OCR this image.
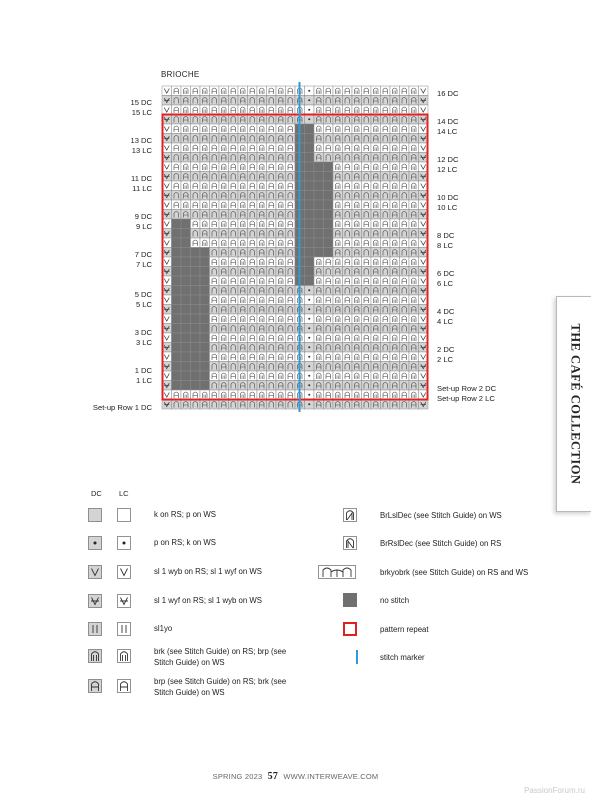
BRIOCHE
15 DC
15 LC
13 DC
13 LC
11 DC
11 LC
9 DC
9 LC
7 DC
7 LC
5 DC
5 LC
3 DC
3 LC
1 DC
1 LC
Set-up Row 1 DC
16 DC
14 DC
14 LC
12 DC
12 LC
10 DC
10 LC
8 DC
8 LC
6 DC
6 LC
4 DC
4 LC
2 DC
2 LC
Set-up Row 2 DC
Set-up Row 2 LC	THE CAFÉ COLLECTION
DC LC
k on RS; p on WS
p on RS; k on WS
sl 1 wyb on RS; sl 1 wyf on WS
sl 1 wyf on RS; sl 1 wyb on WS
sl1yo
brk (see Stitch Guide) on RS; brp (see Stitch Guide) on WS
brp (see Stitch Guide) on RS; brk (see Stitch Guide) on WS
BrLslDec (see Stitch Guide) on WS
BrRslDec (see Stitch Guide) on RS
brkyobrk (see Stitch Guide) on RS and WS
no stitch
pattern repeat
stitch marker
SPRING 2023 57 WWW.INTERWEAVE.COM
PassionForum.ru
